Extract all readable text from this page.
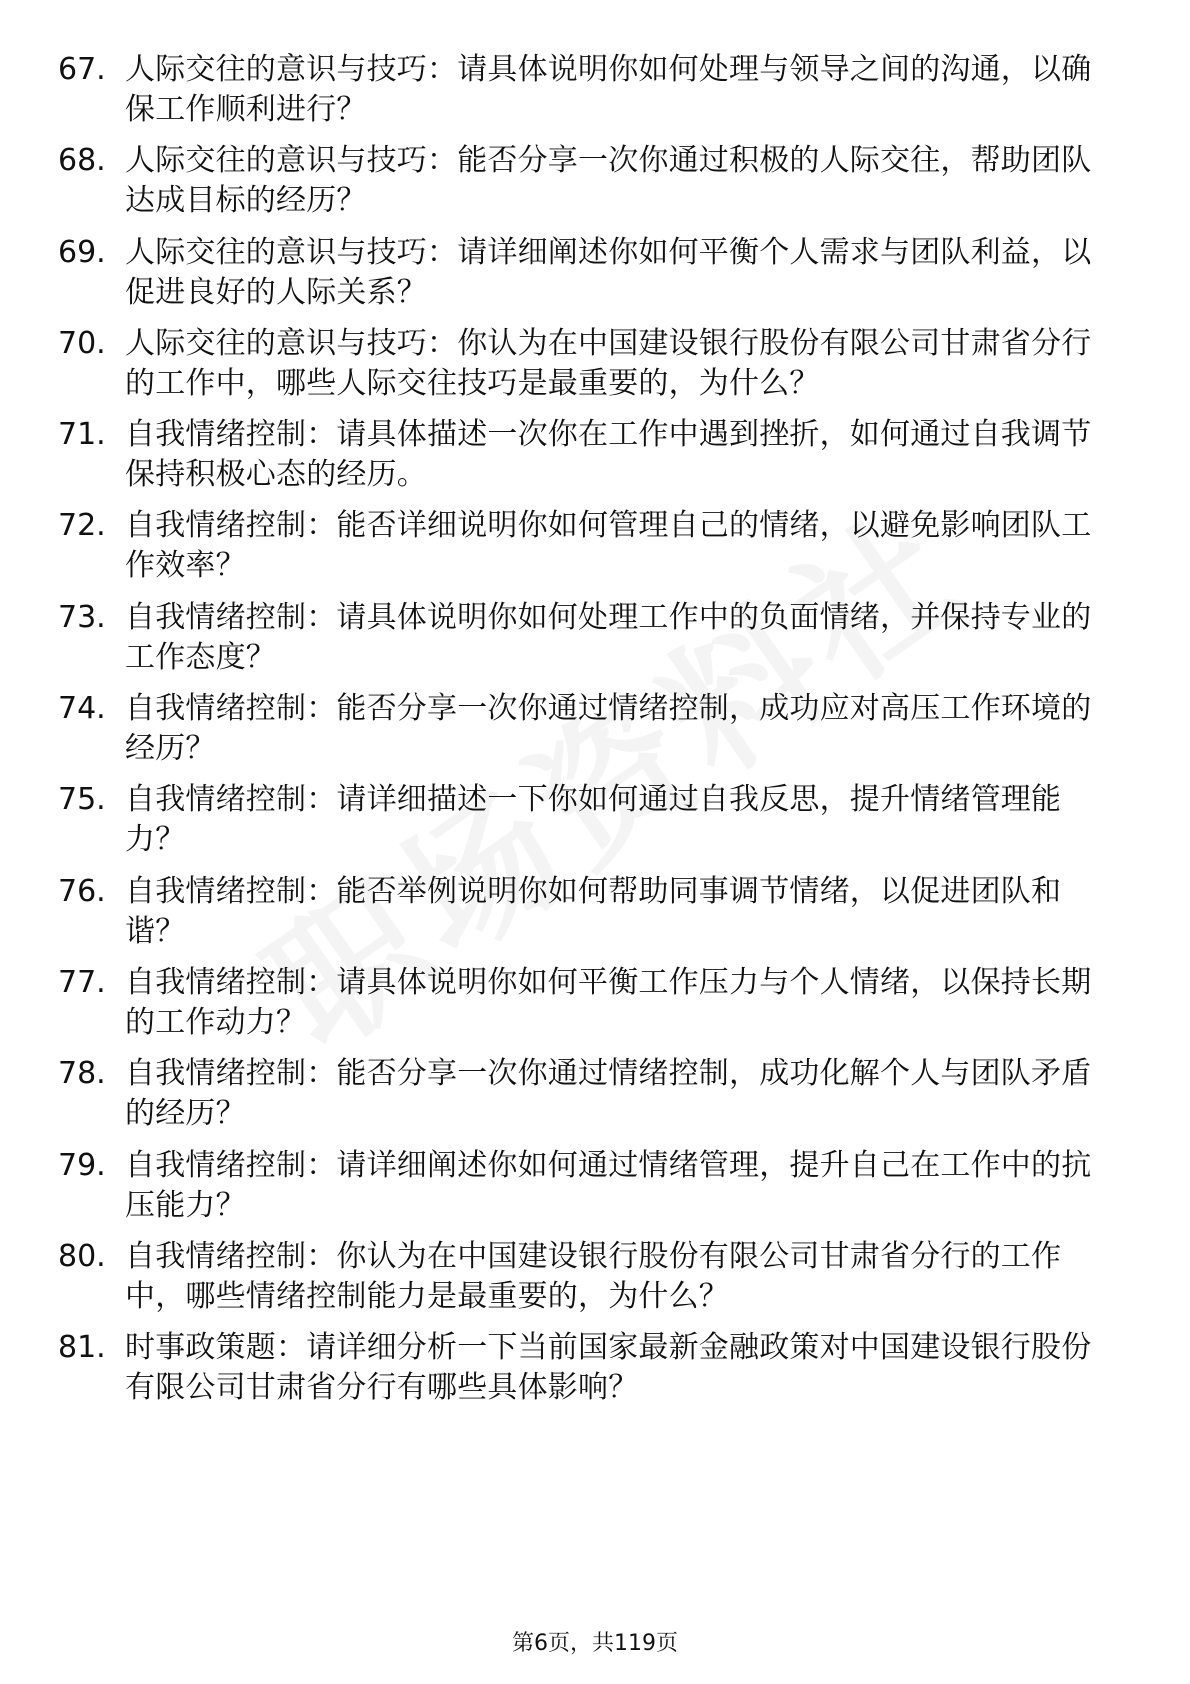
67. 人际交往的意识与技巧：请具体说明你如何处理与领导之间的沟通，以确保工作顺利进行？
68. 人际交往的意识与技巧：能否分享一次你通过积极的人际交往，帮助团队达成目标的经历？
69. 人际交往的意识与技巧：请详细阐述你如何平衡个人需求与团队利益，以促进良好的人际关系？
70. 人际交往的意识与技巧：你认为在中国建设银行股份有限公司甘肃省分行的工作中，哪些人际交往技巧是最重要的，为什么？
71. 自我情绪控制：请具体描述一次你在工作中遇到挫折，如何通过自我调节保持积极心态的经历。
72. 自我情绪控制：能否详细说明你如何管理自己的情绪，以避免影响团队工作效率？
73. 自我情绪控制：请具体说明你如何处理工作中的负面情绪，并保持专业的工作态度？
74. 自我情绪控制：能否分享一次你通过情绪控制，成功应对高压工作环境的经历？
75. 自我情绪控制：请详细描述一下你如何通过自我反思，提升情绪管理能力？
76. 自我情绪控制：能否举例说明你如何帮助同事调节情绪，以促进团队和谐？
77. 自我情绪控制：请具体说明你如何平衡工作压力与个人情绪，以保持长期的工作动力？
78. 自我情绪控制：能否分享一次你通过情绪控制，成功化解个人与团队矛盾的经历？
79. 自我情绪控制：请详细阐述你如何通过情绪管理，提升自己在工作中的抗压能力？
80. 自我情绪控制：你认为在中国建设银行股份有限公司甘肃省分行的工作中，哪些情绪控制能力是最重要的，为什么？
81. 时事政策题：请详细分析一下当前国家最新金融政策对中国建设银行股份有限公司甘肃省分行有哪些具体影响？
第6页，共119页
